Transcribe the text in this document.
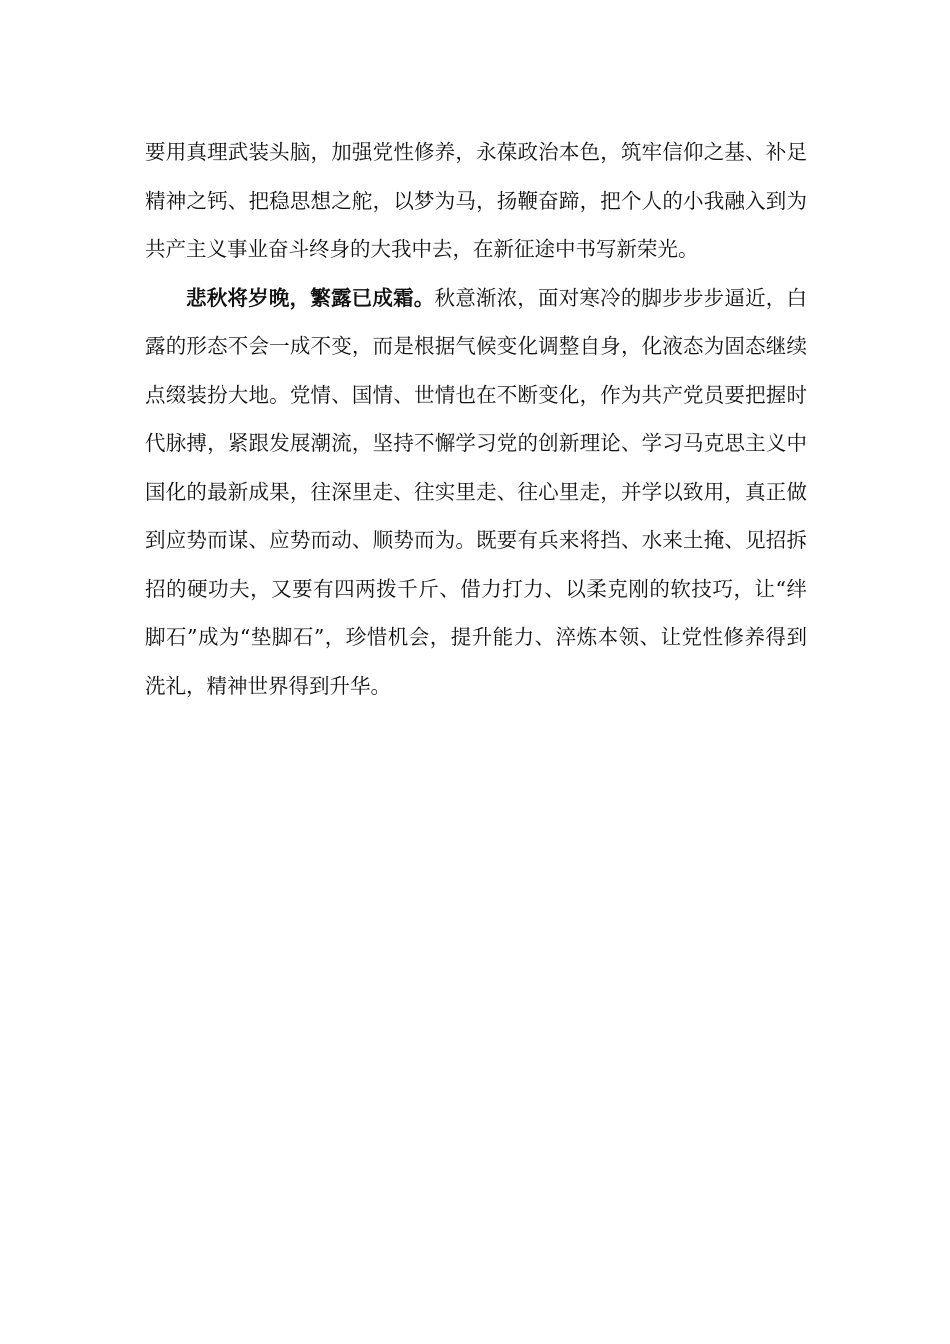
要用真理武装头脑，加强党性修养，永葆政治本色，筑牢信仰之基、补足精神之钙、把稳思想之舵，以梦为马，扬鞭奋蹄，把个人的小我融入到为共产主义事业奋斗终身的大我中去，在新征途中书写新荣光。

悲秋将岁晚，繁露已成霜。秋意渐浓，面对寒冷的脚步步步逼近，白露的形态不会一成不变，而是根据气候变化调整自身，化液态为固态继续点缀装扮大地。党情、国情、世情也在不断变化，作为共产党员要把握时代脉搏，紧跟发展潮流，坚持不懈学习党的创新理论、学习马克思主义中国化的最新成果，往深里走、往实里走、往心里走，并学以致用，真正做到应势而谋、应势而动、顺势而为。既要有兵来将挡、水来土掩、见招拆招的硬功夫，又要有四两拨千斤、借力打力、以柔克刚的软技巧，让“绊脚石”成为“垫脚石”，珍惜机会，提升能力、淬炼本领、让党性修养得到洗礼，精神世界得到升华。
